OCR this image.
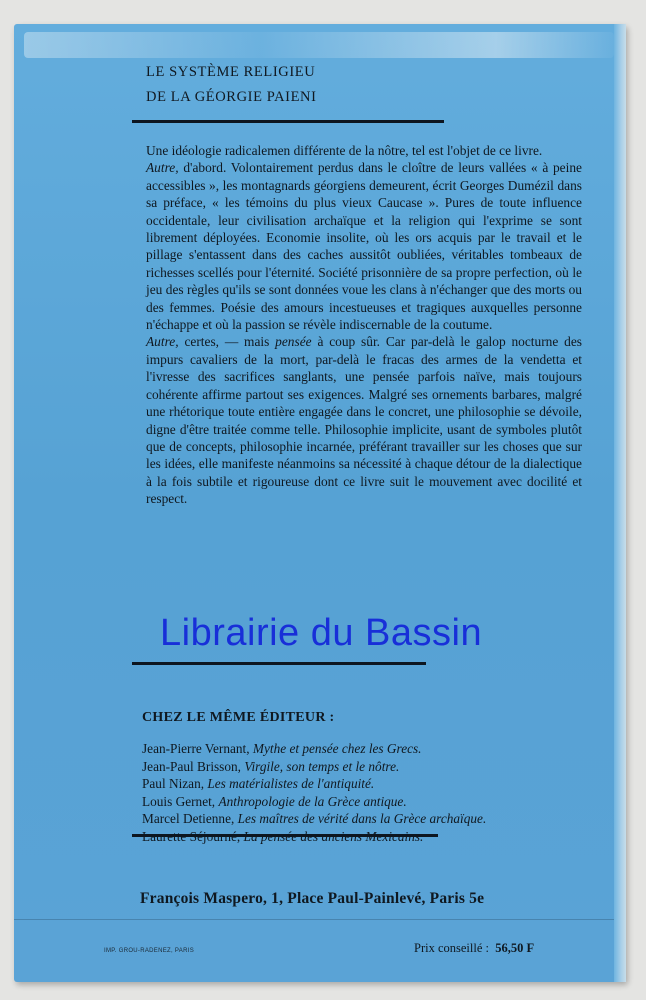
LE SYSTÈME RELIGIEU
DE LA GÉORGIE PAIENI

Une idéologie radicalemen différente de la nôtre, tel est l'objet de ce livre.

Autre, d'abord. Volontairement perdus dans le cloître de leurs vallées « à peine accessibles », les montagnards géorgiens demeurent, écrit Georges Dumézil dans sa préface, « les témoins du plus vieux Caucase ». Pures de toute influence occidentale, leur civilisation archaïque et la religion qui l'exprime se sont librement déployées. Economie insolite, où les ors acquis par le travail et le pillage s'entassent dans des caches aussitôt oubliées, véritables tombeaux de richesses scellés pour l'éternité. Société prisonnière de sa propre perfection, où le jeu des règles qu'ils se sont données voue les clans à n'échanger que des morts ou des femmes. Poésie des amours incestueuses et tragiques auxquelles personne n'échappe et où la passion se révèle indiscernable de la coutume.

Autre, certes, — mais pensée à coup sûr. Car par-delà le galop nocturne des impurs cavaliers de la mort, par-delà le fracas des armes de la vendetta et l'ivresse des sacrifices sanglants, une pensée parfois naïve, mais toujours cohérente affirme partout ses exigences. Malgré ses ornements barbares, malgré une rhétorique toute entière engagée dans le concret, une philosophie se dévoile, digne d'être traitée comme telle. Philosophie implicite, usant de symboles plutôt que de concepts, philosophie incarnée, préférant travailler sur les choses que sur les idées, elle manifeste néanmoins sa nécessité à chaque détour de la dialectique à la fois subtile et rigoureuse dont ce livre suit le mouvement avec docilité et respect.

CHEZ LE MÊME ÉDITEUR :
Jean-Pierre Vernant, Mythe et pensée chez les Grecs.
Jean-Paul Brisson, Virgile, son temps et le nôtre.
Paul Nizan, Les matérialistes de l'antiquité.
Louis Gernet, Anthropologie de la Grèce antique.
Marcel Detienne, Les maîtres de vérité dans la Grèce archaïque.
François Maspero, 1, Place Paul-Painlevé, Paris 5e
IMP. GROU-RADENEZ, PARIS	Prix conseillé : 56,50 F
Librairie du Bassin
